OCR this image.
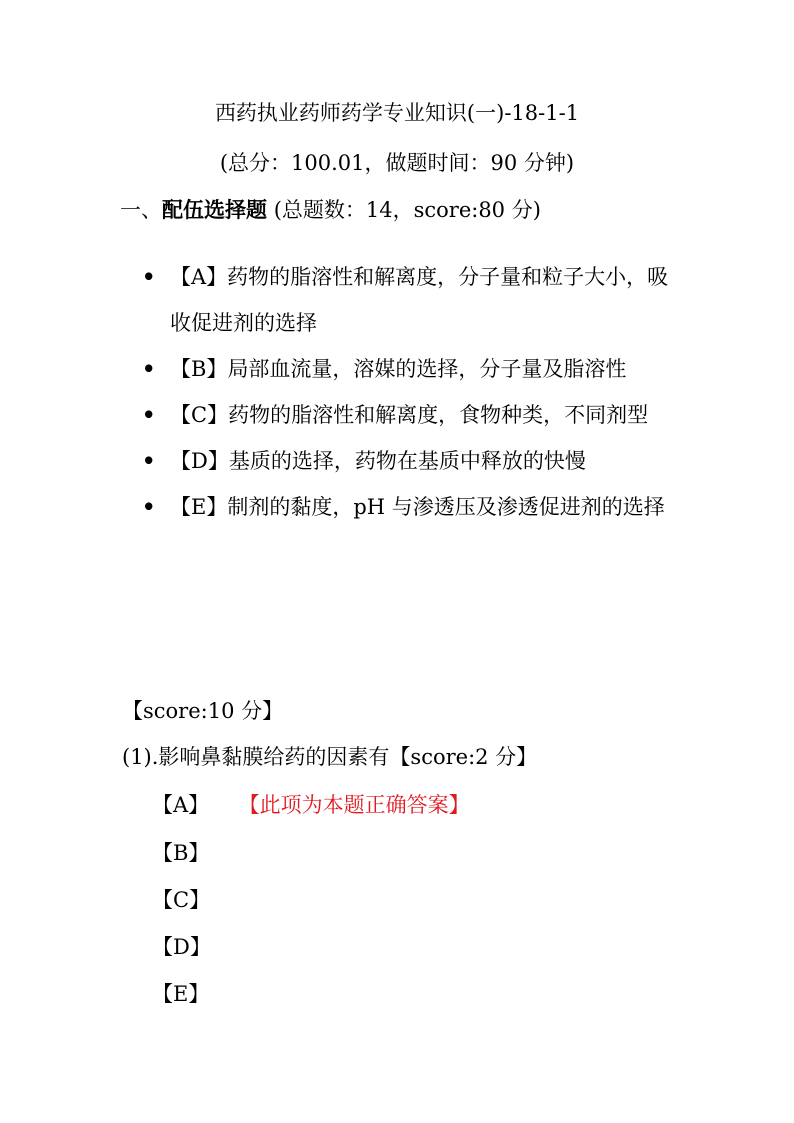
西药执业药师药学专业知识(一)-18-1-1
(总分：100.01，做题时间：90 分钟)
一、配伍选择题 (总题数：14，score:80 分)
• 【A】药物的脂溶性和解离度，分子量和粒子大小，吸收促进剂的选择
• 【B】局部血流量，溶媒的选择，分子量及脂溶性
• 【C】药物的脂溶性和解离度，食物种类，不同剂型
• 【D】基质的选择，药物在基质中释放的快慢
• 【E】制剂的黏度，pH 与渗透压及渗透促进剂的选择
【score:10 分】
(1).影响鼻黏膜给药的因素有【score:2 分】
【A】 【此项为本题正确答案】
【B】
【C】
【D】
【E】
